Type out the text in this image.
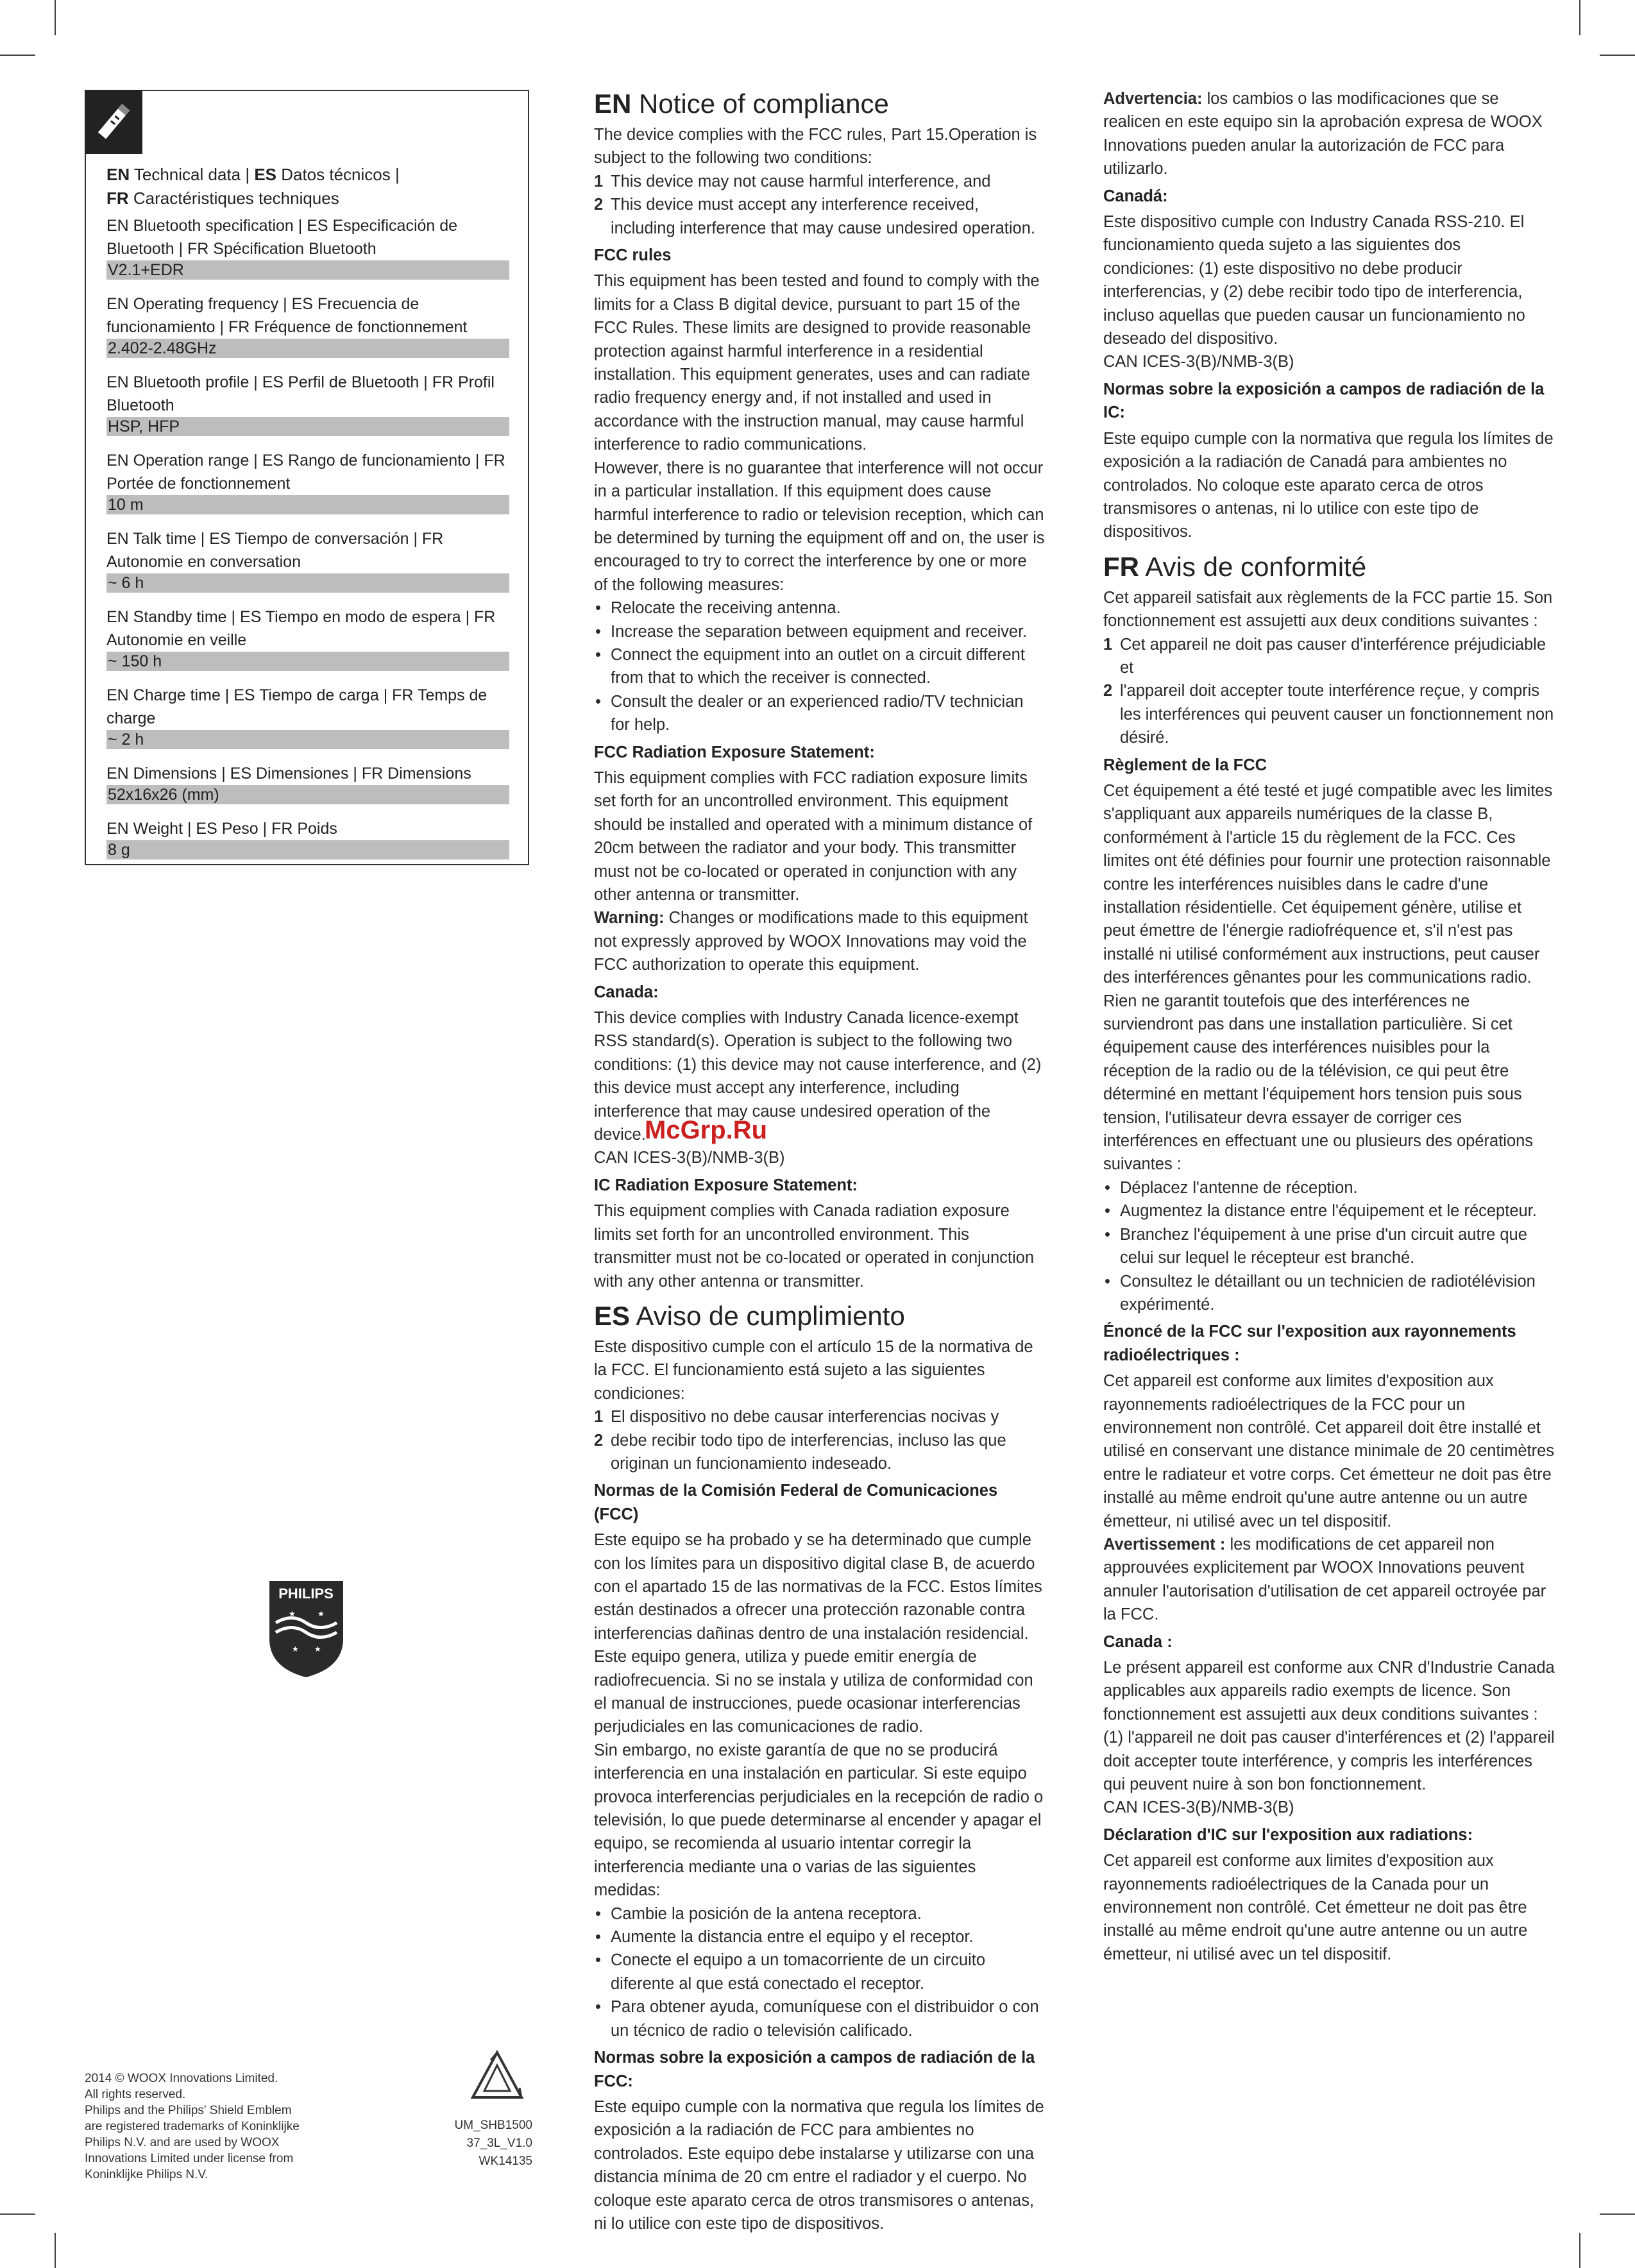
EN Technical data | ES Datos técnicos |
FR Caractéristiques techniques
EN Bluetooth specification | ES Especificación de Bluetooth | FR Spécification Bluetooth
V2.1+EDR
EN Operating frequency | ES Frecuencia de funcionamiento | FR Fréquence de fonctionnement
2.402-2.48GHz
EN Bluetooth profile | ES Perfil de Bluetooth | FR Profil Bluetooth
HSP, HFP
EN Operation range | ES Rango de funcionamiento | FR Portée de fonctionnement
10 m
EN Talk time | ES Tiempo de conversación | FR Autonomie en conversation
~ 6 h
EN Standby time | ES Tiempo en modo de espera | FR Autonomie en veille
~ 150 h
EN Charge time | ES Tiempo de carga | FR Temps de charge
~ 2 h
EN Dimensions | ES Dimensiones | FR Dimensions
52x16x26 (mm)
EN Weight | ES Peso | FR Poids
8 g
PHILIPS
★	★
★ ★
2014 © WOOX Innovations Limited.
All rights reserved.
Philips and the Philips' Shield Emblem
are registered trademarks of Koninklijke
Philips N.V. and are used by WOOX
Innovations Limited under license from
Koninklijke Philips N.V.
UM_SHB1500
37_3L_V1.0
WK14135
EN Notice of compliance

The device complies with the FCC rules, Part 15.Operation is subject to the following two conditions:

1 This device may not cause harmful interference, and
2 This device must accept any interference received, including interference that may cause undesired operation.

FCC rules

This equipment has been tested and found to comply with the limits for a Class B digital device, pursuant to part 15 of the FCC Rules. These limits are designed to provide reasonable protection against harmful interference in a residential installation. This equipment generates, uses and can radiate radio frequency energy and, if not installed and used in accordance with the instruction manual, may cause harmful interference to radio communications.

However, there is no guarantee that interference will not occur in a particular installation. If this equipment does cause harmful interference to radio or television reception, which can be determined by turning the equipment off and on, the user is encouraged to try to correct the interference by one or more of the following measures:

• Relocate the receiving antenna.
• Increase the separation between equipment and receiver.
• Connect the equipment into an outlet on a circuit different from that to which the receiver is connected.
• Consult the dealer or an experienced radio/TV technician for help.

FCC Radiation Exposure Statement:

This equipment complies with FCC radiation exposure limits set forth for an uncontrolled environment. This equipment should be installed and operated with a minimum distance of 20cm between the radiator and your body. This transmitter must not be co-located or operated in conjunction with any other antenna or transmitter.

Warning: Changes or modifications made to this equipment not expressly approved by WOOX Innovations may void the FCC authorization to operate this equipment.

Canada:

This device complies with Industry Canada licence-exempt RSS standard(s). Operation is subject to the following two conditions: (1) this device may not cause interference, and (2) this device must accept any interference, including interference that may cause undesired operation of the device.

CAN ICES-3(B)/NMB-3(B)

IC Radiation Exposure Statement:

This equipment complies with Canada radiation exposure limits set forth for an uncontrolled environment. This transmitter must not be co-located or operated in conjunction with any other antenna or transmitter.

ES Aviso de cumplimiento

Este dispositivo cumple con el artículo 15 de la normativa de la FCC. El funcionamiento está sujeto a las siguientes condiciones:

1 El dispositivo no debe causar interferencias nocivas y
2 debe recibir todo tipo de interferencias, incluso las que originan un funcionamiento indeseado.

Normas de la Comisión Federal de Comunicaciones (FCC)

Este equipo se ha probado y se ha determinado que cumple con los límites para un dispositivo digital clase B, de acuerdo con el apartado 15 de las normativas de la FCC. Estos límites están destinados a ofrecer una protección razonable contra interferencias dañinas dentro de una instalación residencial. Este equipo genera, utiliza y puede emitir energía de radiofrecuencia. Si no se instala y utiliza de conformidad con el manual de instrucciones, puede ocasionar interferencias perjudiciales en las comunicaciones de radio.

Sin embargo, no existe garantía de que no se producirá interferencia en una instalación en particular. Si este equipo provoca interferencias perjudiciales en la recepción de radio o televisión, lo que puede determinarse al encender y apagar el equipo, se recomienda al usuario intentar corregir la interferencia mediante una o varias de las siguientes medidas:

• Cambie la posición de la antena receptora.
• Aumente la distancia entre el equipo y el receptor.
• Conecte el equipo a un tomacorriente de un circuito diferente al que está conectado el receptor.
• Para obtener ayuda, comuníquese con el distribuidor o con un técnico de radio o televisión calificado.

Normas sobre la exposición a campos de radiación de la FCC:

Este equipo cumple con la normativa que regula los límites de exposición a la radiación de FCC para ambientes no controlados. Este equipo debe instalarse y utilizarse con una distancia mínima de 20 cm entre el radiador y el cuerpo. No coloque este aparato cerca de otros transmisores o antenas, ni lo utilice con este tipo de dispositivos.

Advertencia: los cambios o las modificaciones que se realicen en este equipo sin la aprobación expresa de WOOX Innovations pueden anular la autorización de FCC para utilizarlo.

Canadá:

Este dispositivo cumple con Industry Canada RSS-210. El funcionamiento queda sujeto a las siguientes dos condiciones: (1) este dispositivo no debe producir interferencias, y (2) debe recibir todo tipo de interferencia, incluso aquellas que pueden causar un funcionamiento no deseado del dispositivo.

CAN ICES-3(B)/NMB-3(B)

Normas sobre la exposición a campos de radiación de la IC:

Este equipo cumple con la normativa que regula los límites de exposición a la radiación de Canadá para ambientes no controlados. No coloque este aparato cerca de otros transmisores o antenas, ni lo utilice con este tipo de dispositivos.

FR Avis de conformité

Cet appareil satisfait aux règlements de la FCC partie 15. Son fonctionnement est assujetti aux deux conditions suivantes :

1 Cet appareil ne doit pas causer d'interférence préjudiciable et
2 l'appareil doit accepter toute interférence reçue, y compris les interférences qui peuvent causer un fonctionnement non désiré.

Règlement de la FCC

Cet équipement a été testé et jugé compatible avec les limites s'appliquant aux appareils numériques de la classe B, conformément à l'article 15 du règlement de la FCC. Ces limites ont été définies pour fournir une protection raisonnable contre les interférences nuisibles dans le cadre d'une installation résidentielle. Cet équipement génère, utilise et peut émettre de l'énergie radiofréquence et, s'il n'est pas installé ni utilisé conformément aux instructions, peut causer des interférences gênantes pour les communications radio. Rien ne garantit toutefois que des interférences ne surviendront pas dans une installation particulière. Si cet équipement cause des interférences nuisibles pour la réception de la radio ou de la télévision, ce qui peut être déterminé en mettant l'équipement hors tension puis sous tension, l'utilisateur devra essayer de corriger ces interférences en effectuant une ou plusieurs des opérations suivantes :

• Déplacez l'antenne de réception.
• Augmentez la distance entre l'équipement et le récepteur.
• Branchez l'équipement à une prise d'un circuit autre que celui sur lequel le récepteur est branché.
• Consultez le détaillant ou un technicien de radiotélévision expérimenté.

Énoncé de la FCC sur l'exposition aux rayonnements radioélectriques :

Cet appareil est conforme aux limites d'exposition aux rayonnements radioélectriques de la FCC pour un environnement non contrôlé. Cet appareil doit être installé et utilisé en conservant une distance minimale de 20 centimètres entre le radiateur et votre corps. Cet émetteur ne doit pas être installé au même endroit qu'une autre antenne ou un autre émetteur, ni utilisé avec un tel dispositif.

Avertissement : les modifications de cet appareil non approuvées explicitement par WOOX Innovations peuvent annuler l'autorisation d'utilisation de cet appareil octroyée par la FCC.

Canada :

Le présent appareil est conforme aux CNR d'Industrie Canada applicables aux appareils radio exempts de licence. Son fonctionnement est assujetti aux deux conditions suivantes : (1) l'appareil ne doit pas causer d'interférences et (2) l'appareil doit accepter toute interférence, y compris les interférences qui peuvent nuire à son bon fonctionnement.

CAN ICES-3(B)/NMB-3(B)

Déclaration d'IC sur l'exposition aux radiations:

Cet appareil est conforme aux limites d'exposition aux rayonnements radioélectriques de la Canada pour un environnement non contrôlé. Cet émetteur ne doit pas être installé au même endroit qu'une autre antenne ou un autre émetteur, ni utilisé avec un tel dispositif.

McGrp.Ru
